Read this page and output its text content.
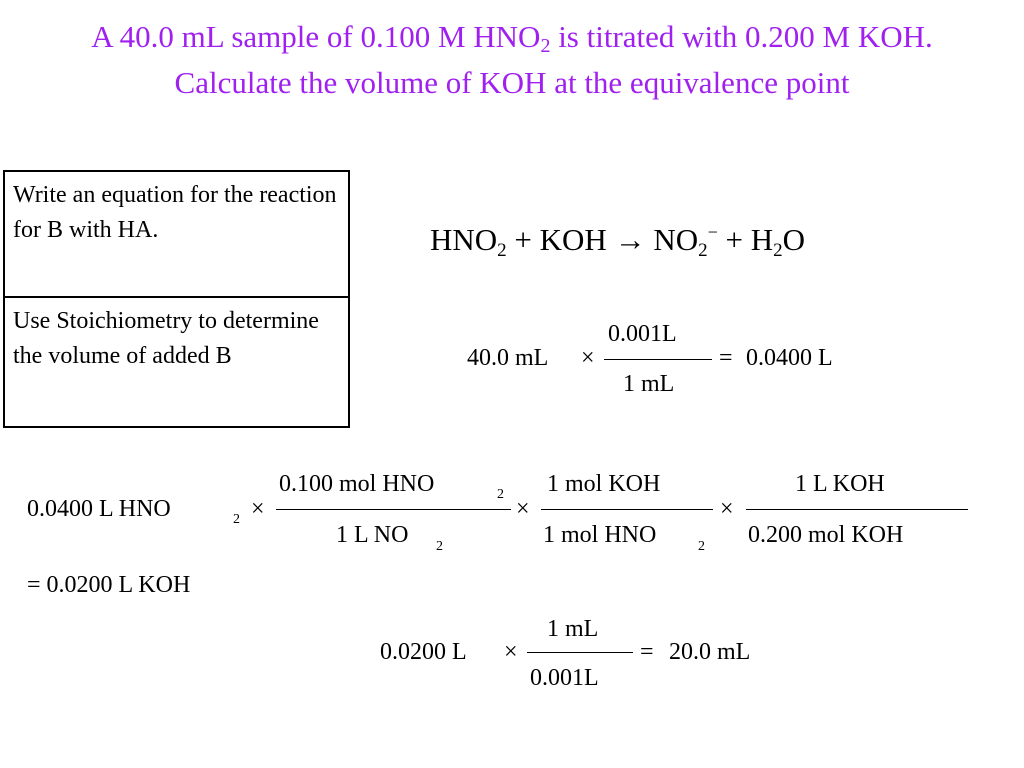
A 40.0 mL sample of 0.100 M $HNO_2$ is titrated with 0.200 M KOH. Calculate the volume of KOH at the equivalence point
Write an equation for the reaction for B with HA.
Use Stoichiometry to determine the volume of added B
$HNO_2$ + KOH → $NO_2^- + H_2O$
40.0 mL ×
0.001L
1 mL
= 0.0400 L
0.0400 L HNO	2 ×
0.100 mol HNO	2
1 L NO 2
×
1 mol KOH
1 mol HNO	2
×
1 L KOH
0.200 mol KOH
= 0.0200 L KOH
0.0200 L ×
1 mL
0.001L
= 20.0 mL
